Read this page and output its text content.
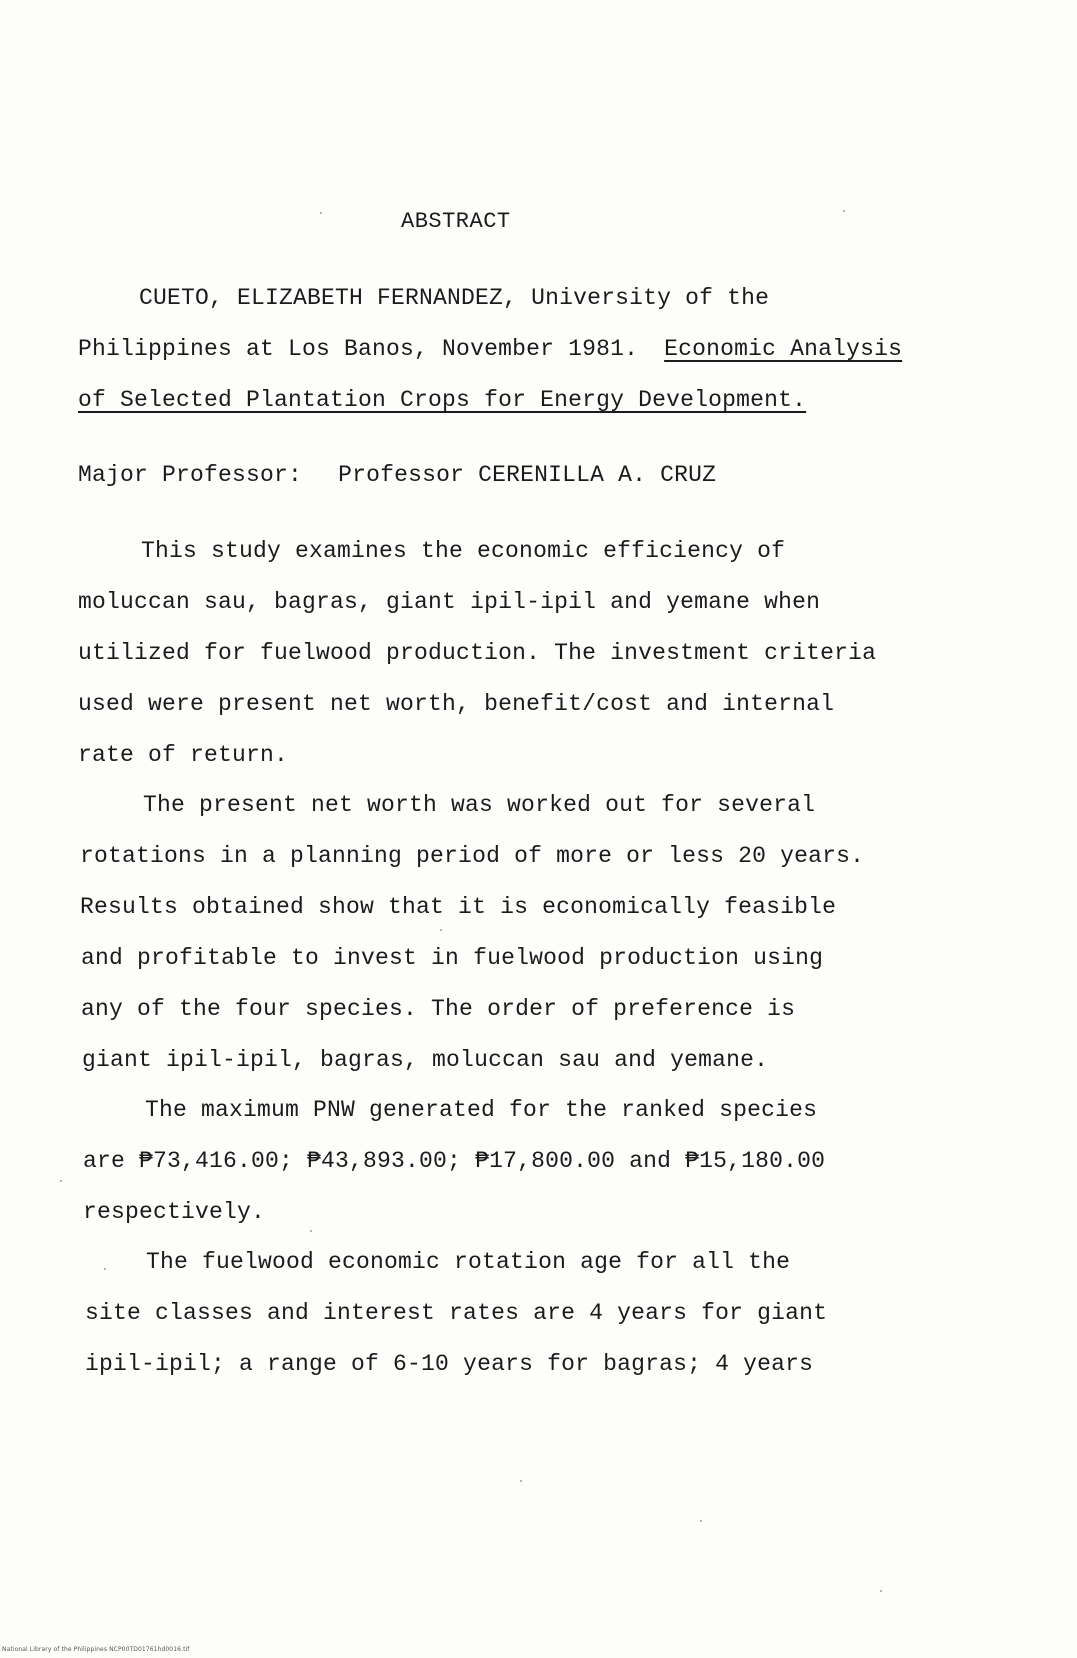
ABSTRACT
CUETO, ELIZABETH FERNANDEZ, University of the
Philippines at Los Banos, November 1981. Economic Analysis
of Selected Plantation Crops for Energy Development.
Major Professor: Professor CERENILLA A. CRUZ
This study examines the economic efficiency of
moluccan sau, bagras, giant ipil-ipil and yemane when
utilized for fuelwood production. The investment criteria
used were present net worth, benefit/cost and internal
rate of return.
The present net worth was worked out for several
rotations in a planning period of more or less 20 years.
Results obtained show that it is economically feasible
and profitable to invest in fuelwood production using
any of the four species. The order of preference is
giant ipil-ipil, bagras, moluccan sau and yemane.
The maximum PNW generated for the ranked species
are ₱73,416.00; ₱43,893.00; ₱17,800.00 and ₱15,180.00
respectively.
The fuelwood economic rotation age for all the
site classes and interest rates are 4 years for giant
ipil-ipil; a range of 6-10 years for bagras; 4 years
National Library of the Philippines NCP00TD01761hd0016.tif
